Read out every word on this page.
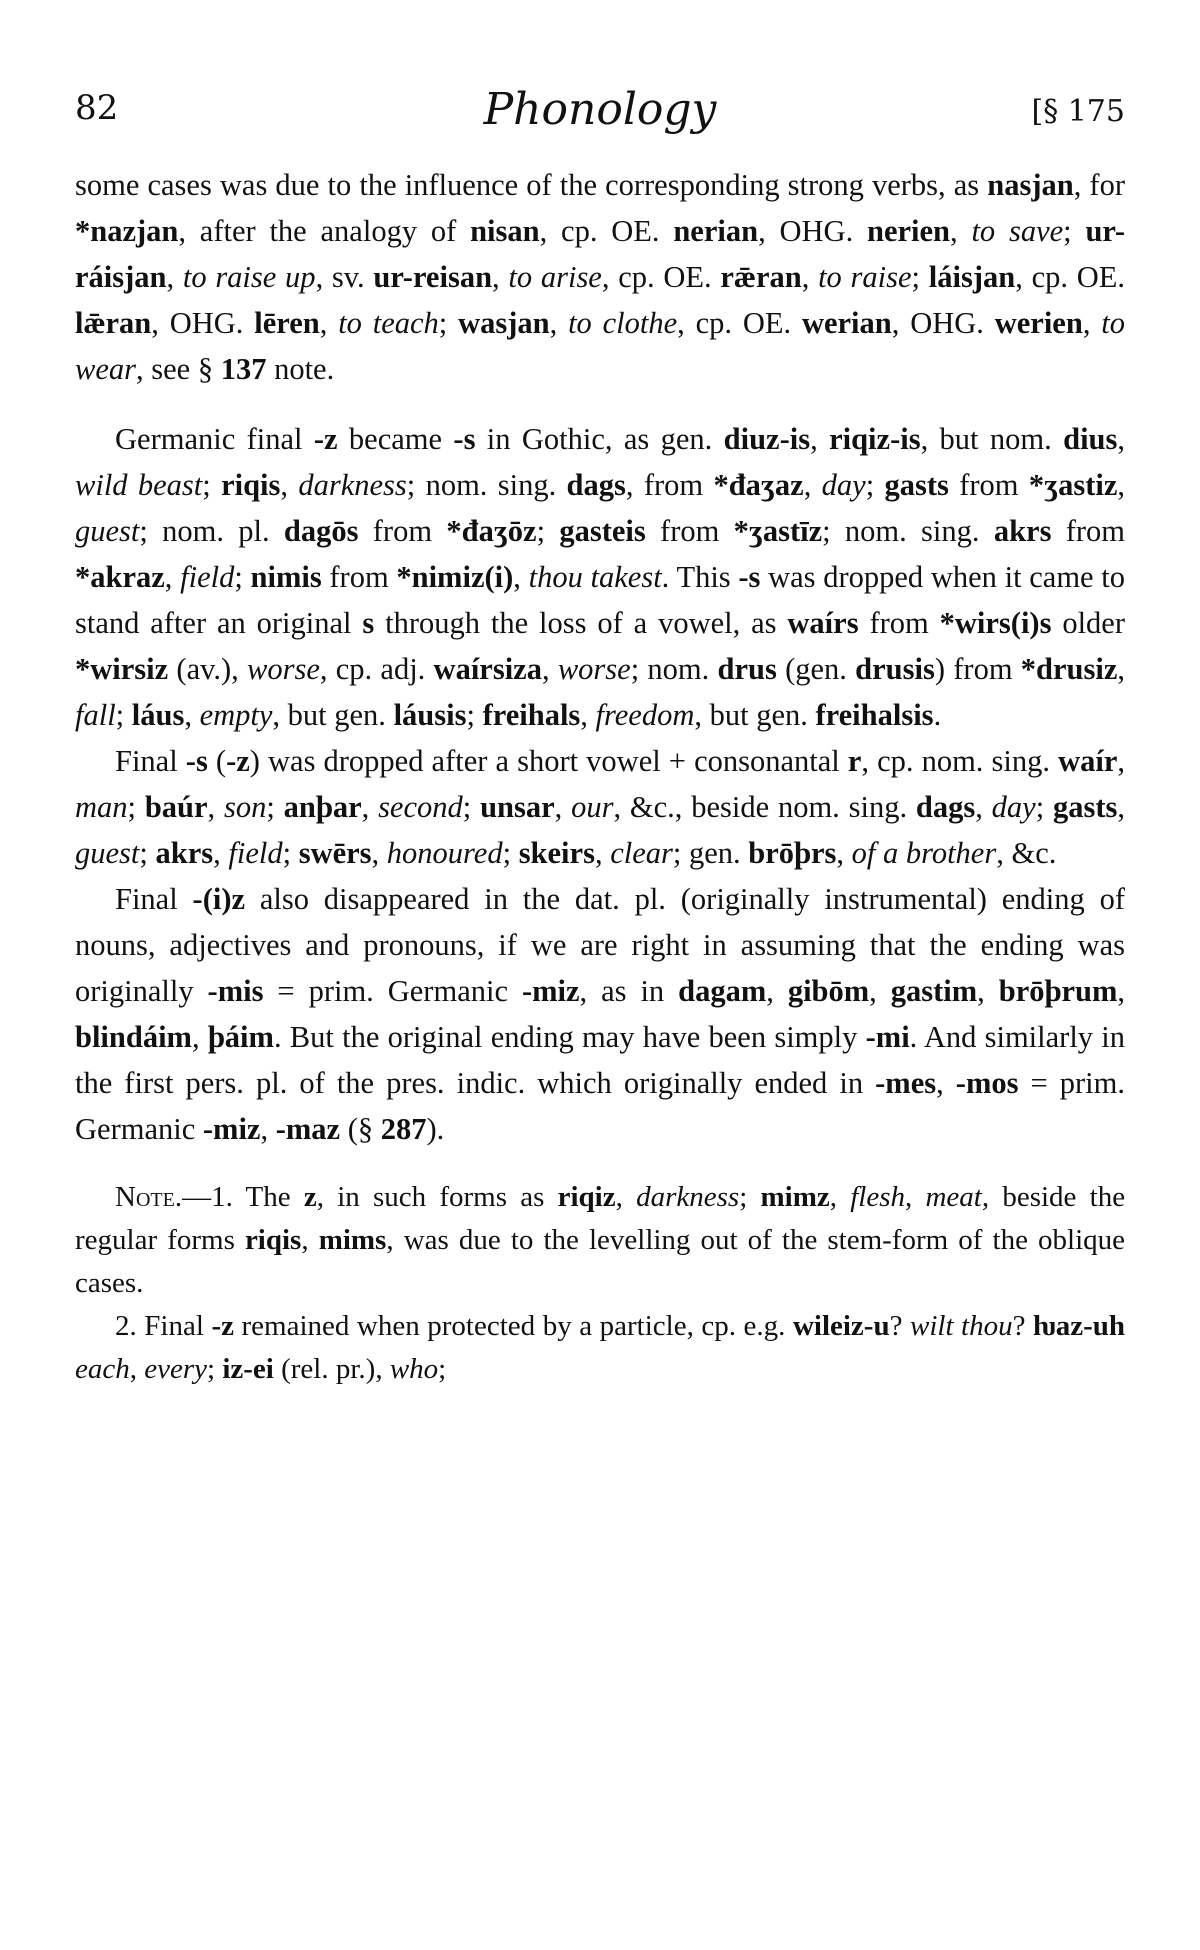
82	Phonology	[§ 175

some cases was due to the influence of the corresponding strong verbs, as nasjan, for *nazjan, after the analogy of nisan, cp. OE. nerian, OHG. nerien, to save; ur-ráisjan, to raise up, sv. ur-reisan, to arise, cp. OE. rǣran, to raise; láisjan, cp. OE. lǣran, OHG. lēren, to teach; wasjan, to clothe, cp. OE. werian, OHG. werien, to wear, see § 137 note.

Germanic final -z became -s in Gothic, as gen. diuz-is, riqiz-is, but nom. dius, wild beast; riqis, darkness; nom. sing. dags, from *đaʒaz, day; gasts from *ʒastiz, guest; nom. pl. dagōs from *đaʒōz; gasteis from *ʒastīz; nom. sing. akrs from *akraz, field; nimis from *nimiz(i), thou takest. This -s was dropped when it came to stand after an original s through the loss of a vowel, as waírs from *wirs(i)s older *wirsiz (av.), worse, cp. adj. waírsiza, worse; nom. drus (gen. drusis) from *drusiz, fall; láus, empty, but gen. láusis; freihals, freedom, but gen. freihalsis.

Final -s (-z) was dropped after a short vowel + consonantal r, cp. nom. sing. waír, man; baúr, son; anþar, second; unsar, our, &c., beside nom. sing. dags, day; gasts, guest; akrs, field; swērs, honoured; skeirs, clear; gen. brōþrs, of a brother, &c.

Final -(i)z also disappeared in the dat. pl. (originally instrumental) ending of nouns, adjectives and pronouns, if we are right in assuming that the ending was originally -mis = prim. Germanic -miz, as in dagam, gibōm, gastim, brōþrum, blindáim, þáim. But the original ending may have been simply -mi. And similarly in the first pers. pl. of the pres. indic. which originally ended in -mes, -mos = prim. Germanic -miz, -maz (§ 287).

Note.—1. The z, in such forms as riqiz, darkness; mimz, flesh, meat, beside the regular forms riqis, mims, was due to the levelling out of the stem-form of the oblique cases.

2. Final -z remained when protected by a particle, cp. e.g. wileiz-u? wilt thou? ƕaz-uh each, every; iz-ei (rel. pr.), who;
